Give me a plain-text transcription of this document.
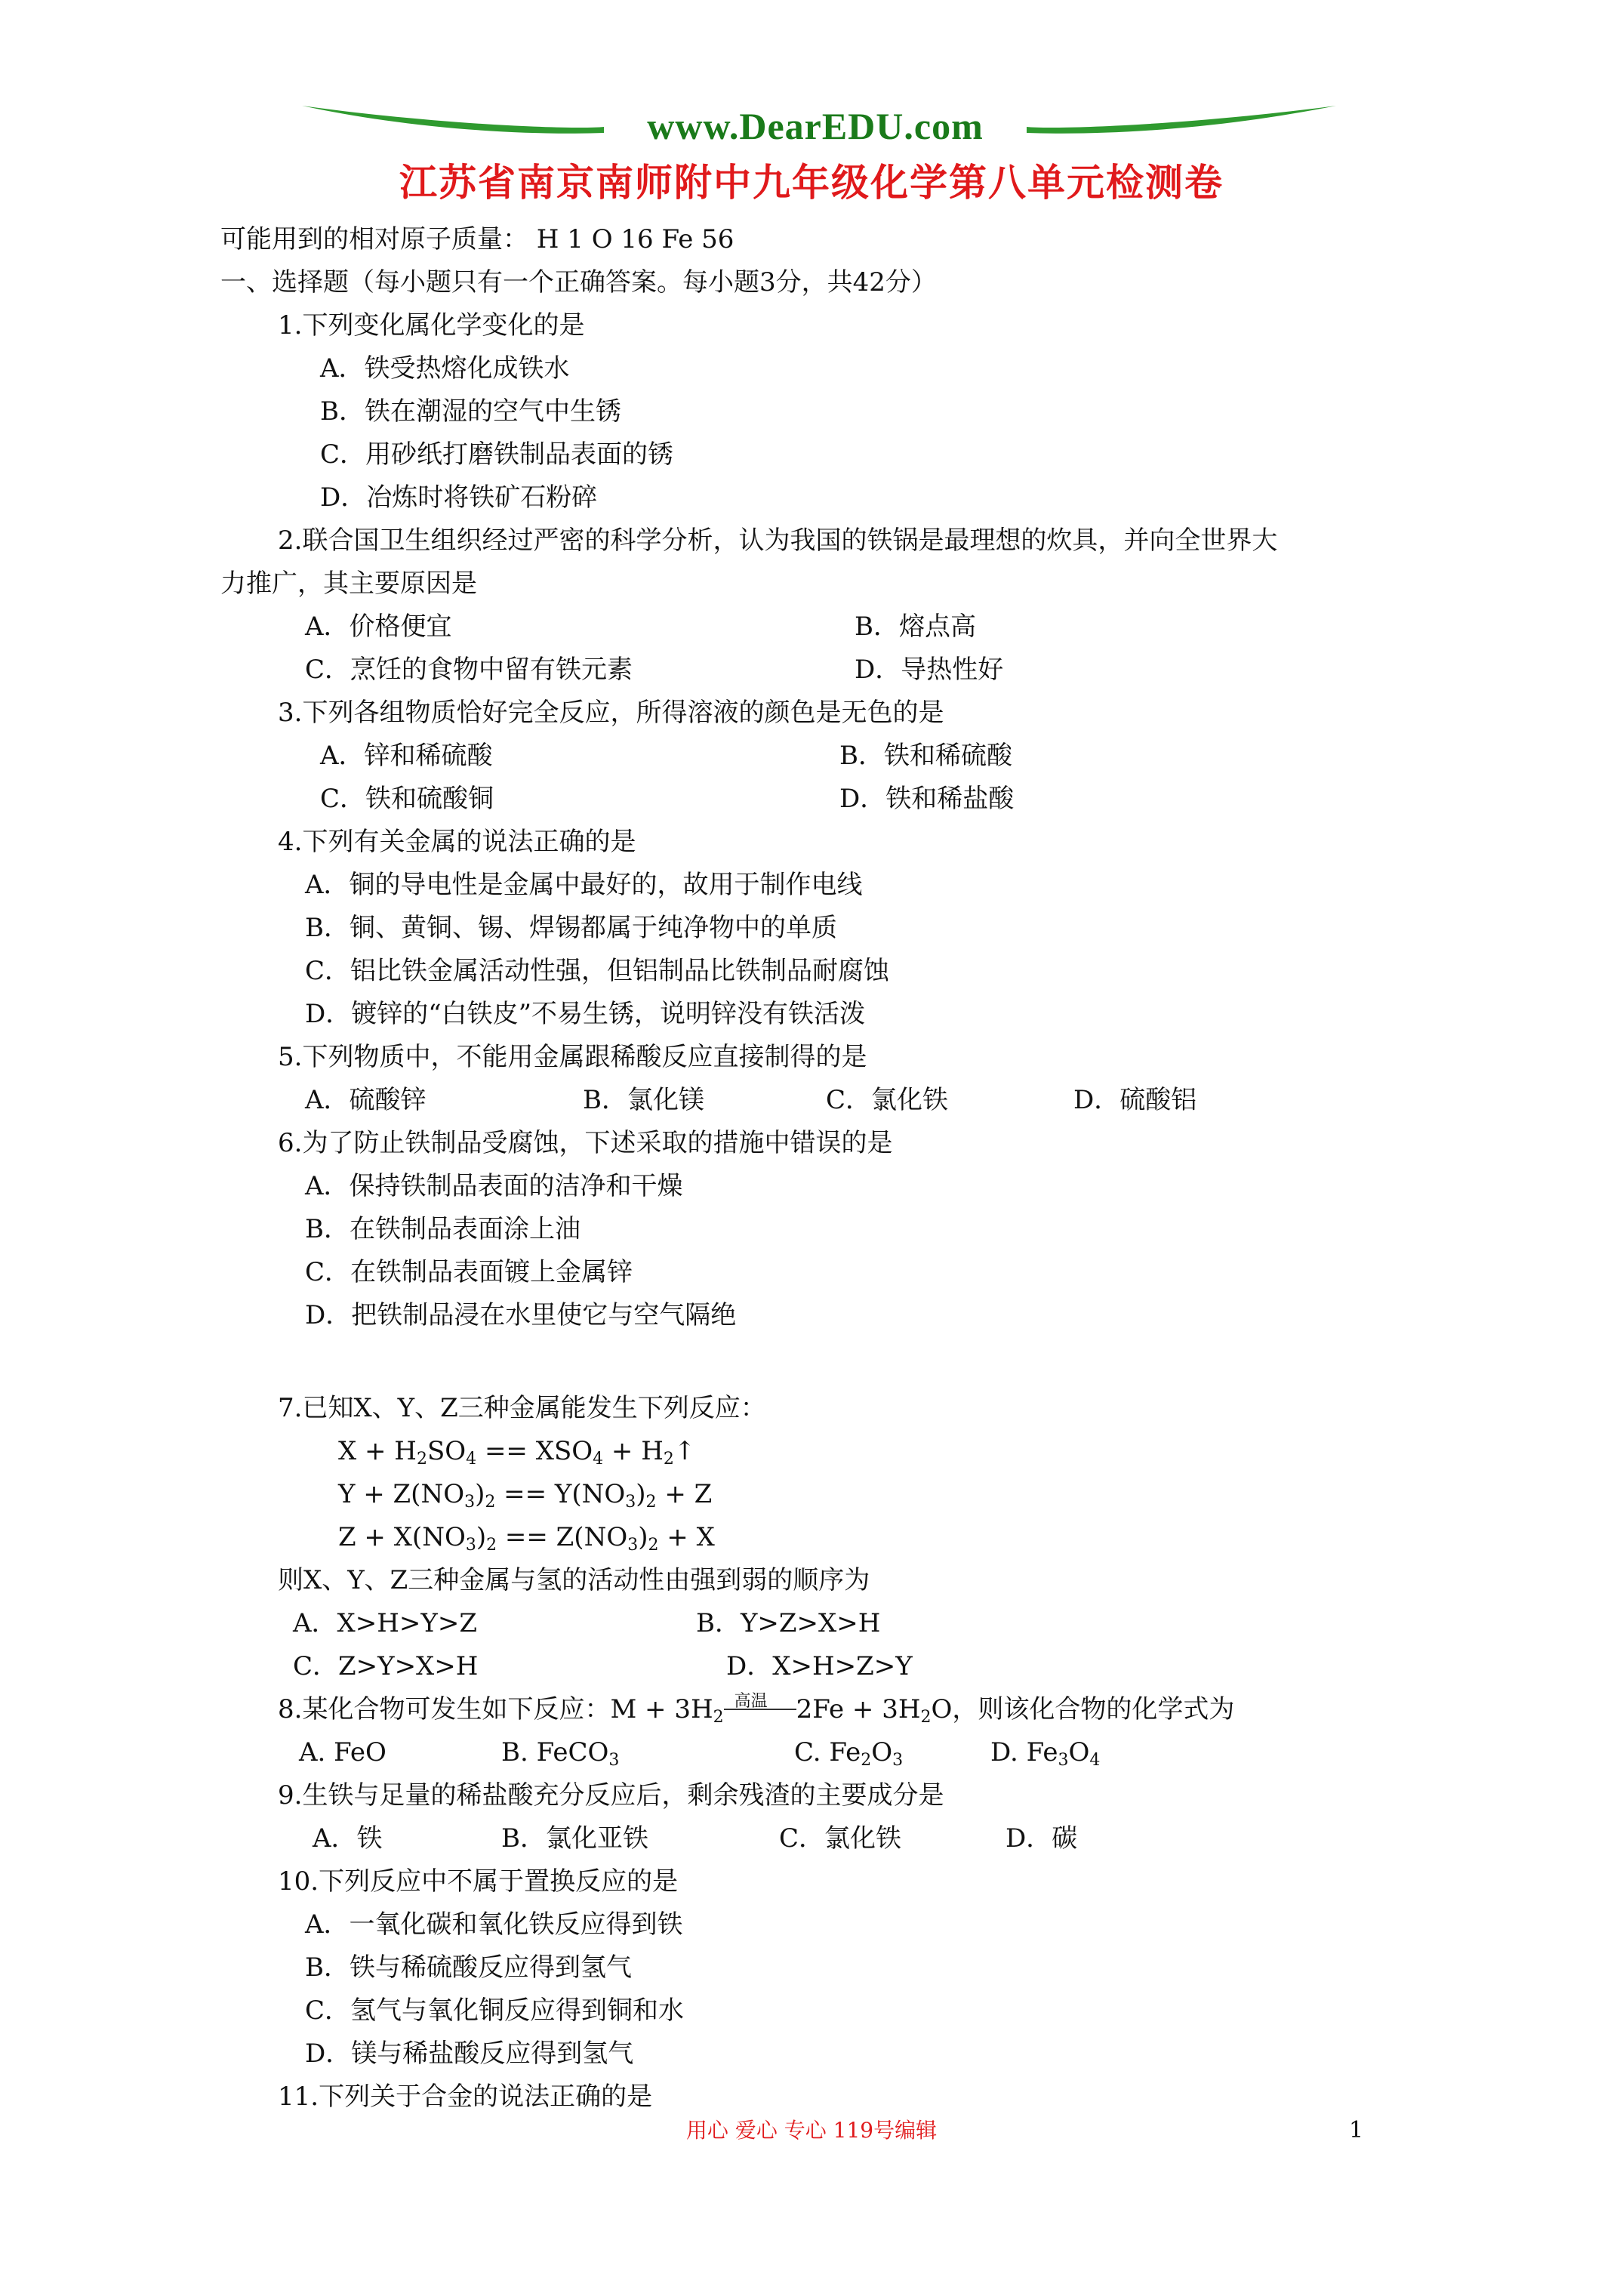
www.DearEDU.com
江苏省南京南师附中九年级化学第八单元检测卷
可能用到的相对原子质量： H 1 O 16 Fe 56
一、选择题（每小题只有一个正确答案。每小题3分，共42分）
1.下列变化属化学变化的是
A．铁受热熔化成铁水
B．铁在潮湿的空气中生锈
C．用砂纸打磨铁制品表面的锈
D．冶炼时将铁矿石粉碎
2.联合国卫生组织经过严密的科学分析，认为我国的铁锅是最理想的炊具，并向全世界大
力推广，其主要原因是
A．价格便宜	B．熔点高
C．烹饪的食物中留有铁元素	D．导热性好
3.下列各组物质恰好完全反应，所得溶液的颜色是无色的是
A．锌和稀硫酸	B．铁和稀硫酸
C．铁和硫酸铜	D．铁和稀盐酸
4.下列有关金属的说法正确的是
A．铜的导电性是金属中最好的，故用于制作电线
B．铜、黄铜、锡、焊锡都属于纯净物中的单质
C．铝比铁金属活动性强，但铝制品比铁制品耐腐蚀
D．镀锌的“白铁皮”不易生锈，说明锌没有铁活泼
5.下列物质中，不能用金属跟稀酸反应直接制得的是
A．硫酸锌	B．氯化镁	C．氯化铁	D．硫酸铝
6.为了防止铁制品受腐蚀，下述采取的措施中错误的是
A．保持铁制品表面的洁净和干燥
B．在铁制品表面涂上油
C．在铁制品表面镀上金属锌
D．把铁制品浸在水里使它与空气隔绝
7.已知X、Y、Z三种金属能发生下列反应：
$X + H_2SO_4 == XSO_4$ + $H_2↑$
$Y + Z(NO_3)_2 == Y(NO_3)_2 + Z$
$Z + X(NO_3)_2 == Z(NO_3)_2 + X$
则X、Y、Z三种金属与氢的活动性由强到弱的顺序为
A．X>H>Y>Z	B．Y>Z>X>H
C．Z>Y>X>H	D．X>H>Z>Y
8.某化合物可发生如下反应：$M + 3H_2$
高温 $2Fe + 3H_2O$，则该化合物的化学式为
A. FeO	B. FeCO$_3$	C. $Fe_2O_3$	D. $Fe_3O_4$
9.生铁与足量的稀盐酸充分反应后，剩余残渣的主要成分是
A．铁	B．氯化亚铁	C．氯化铁	D．碳
10.下列反应中不属于置换反应的是
A．一氧化碳和氧化铁反应得到铁
B．铁与稀硫酸反应得到氢气
C．氢气与氧化铜反应得到铜和水
D．镁与稀盐酸反应得到氢气
11.下列关于合金的说法正确的是
用心 爱心 专心 119号编辑	1
